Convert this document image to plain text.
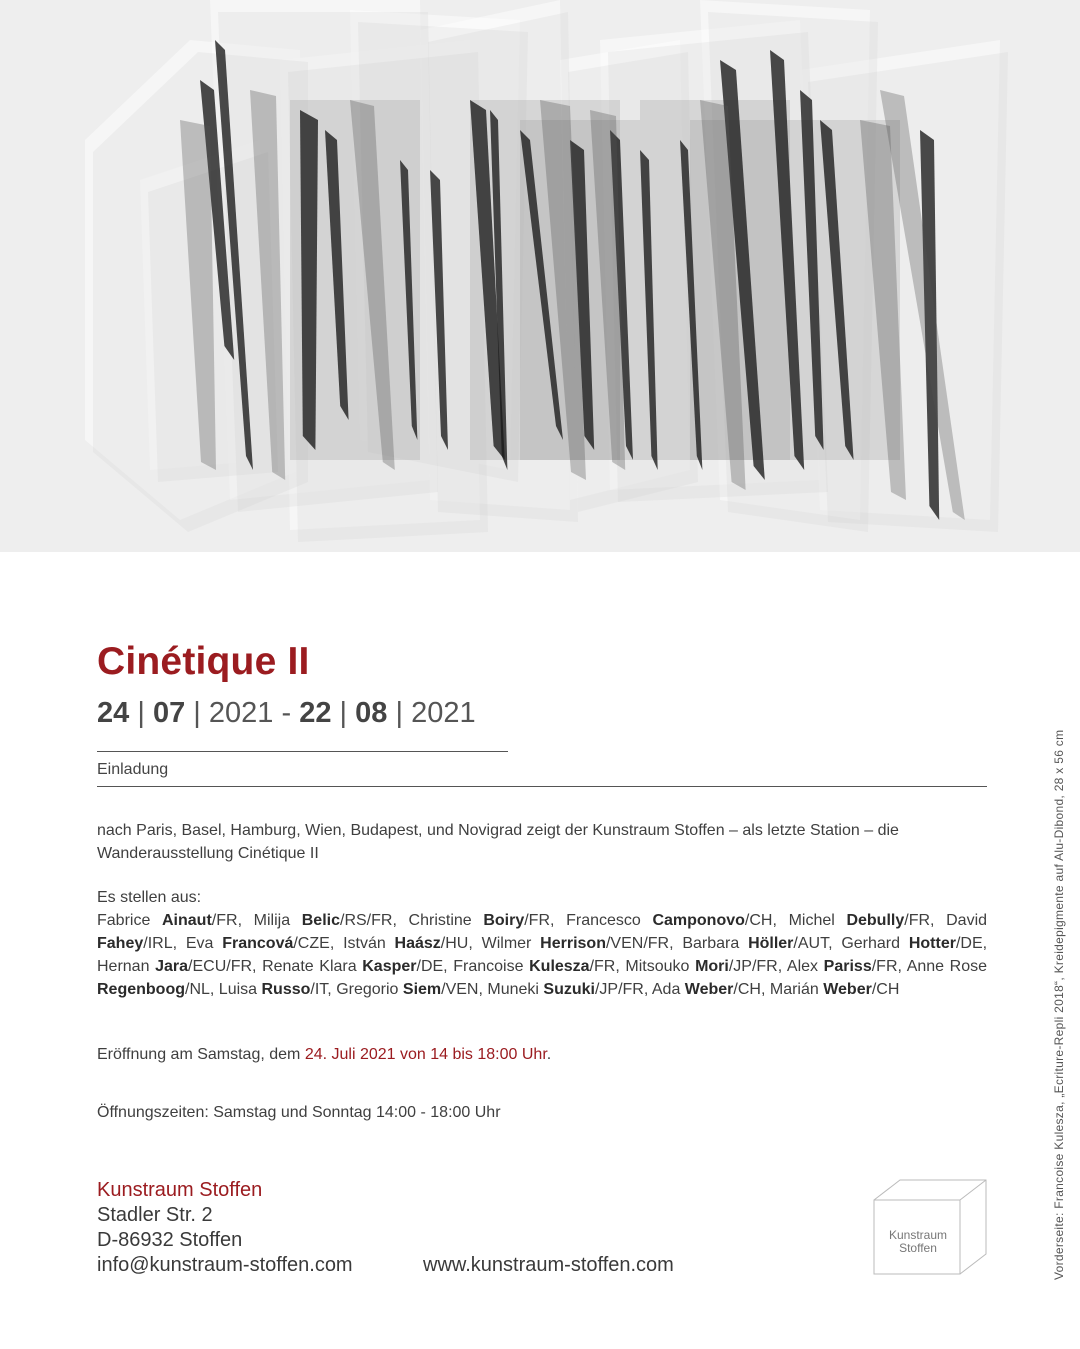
Cinétique II
24 | 07 | 2021 - 22 | 08 | 2021
Einladung

nach Paris, Basel, Hamburg, Wien, Budapest, und Novigrad zeigt der Kunstraum Stoffen – als letzte Station – die Wanderausstellung Cinétique II

Es stellen aus:

Fabrice Ainaut/FR, Milija Belic/RS/FR, Christine Boiry/FR, Francesco Camponovo/CH, Michel Debully/FR, David Fahey/IRL, Eva Francová/CZE, István Haász/HU, Wilmer Herrison/VEN/FR, Barbara Höller/AUT, Gerhard Hotter/DE, Hernan Jara/ECU/FR, Renate Klara Kasper/DE, Francoise Kulesza/FR, Mitsouko Mori/JP/FR, Alex Pariss/FR, Anne Rose Regenboog/NL, Luisa Russo/IT, Gregorio Siem/VEN, Muneki Suzuki/JP/FR, Ada Weber/CH, Marián Weber/CH

Eröffnung am Samstag, dem 24. Juli 2021 von 14 bis 18:00 Uhr.

Öffnungszeiten: Samstag und Sonntag 14:00 - 18:00 Uhr

Kunstraum Stoffen
Stadler Str. 2
D-86932 Stoffen
info@kunstraum-stoffen.com	www.kunstraum-stoffen.com
Kunstraum
Stoffen	Vorderseite: Francoise Kulesza, „Ecriture-Repli 2018“, Kreidepigmente auf Alu-Dibond, 28 x 56 cm
